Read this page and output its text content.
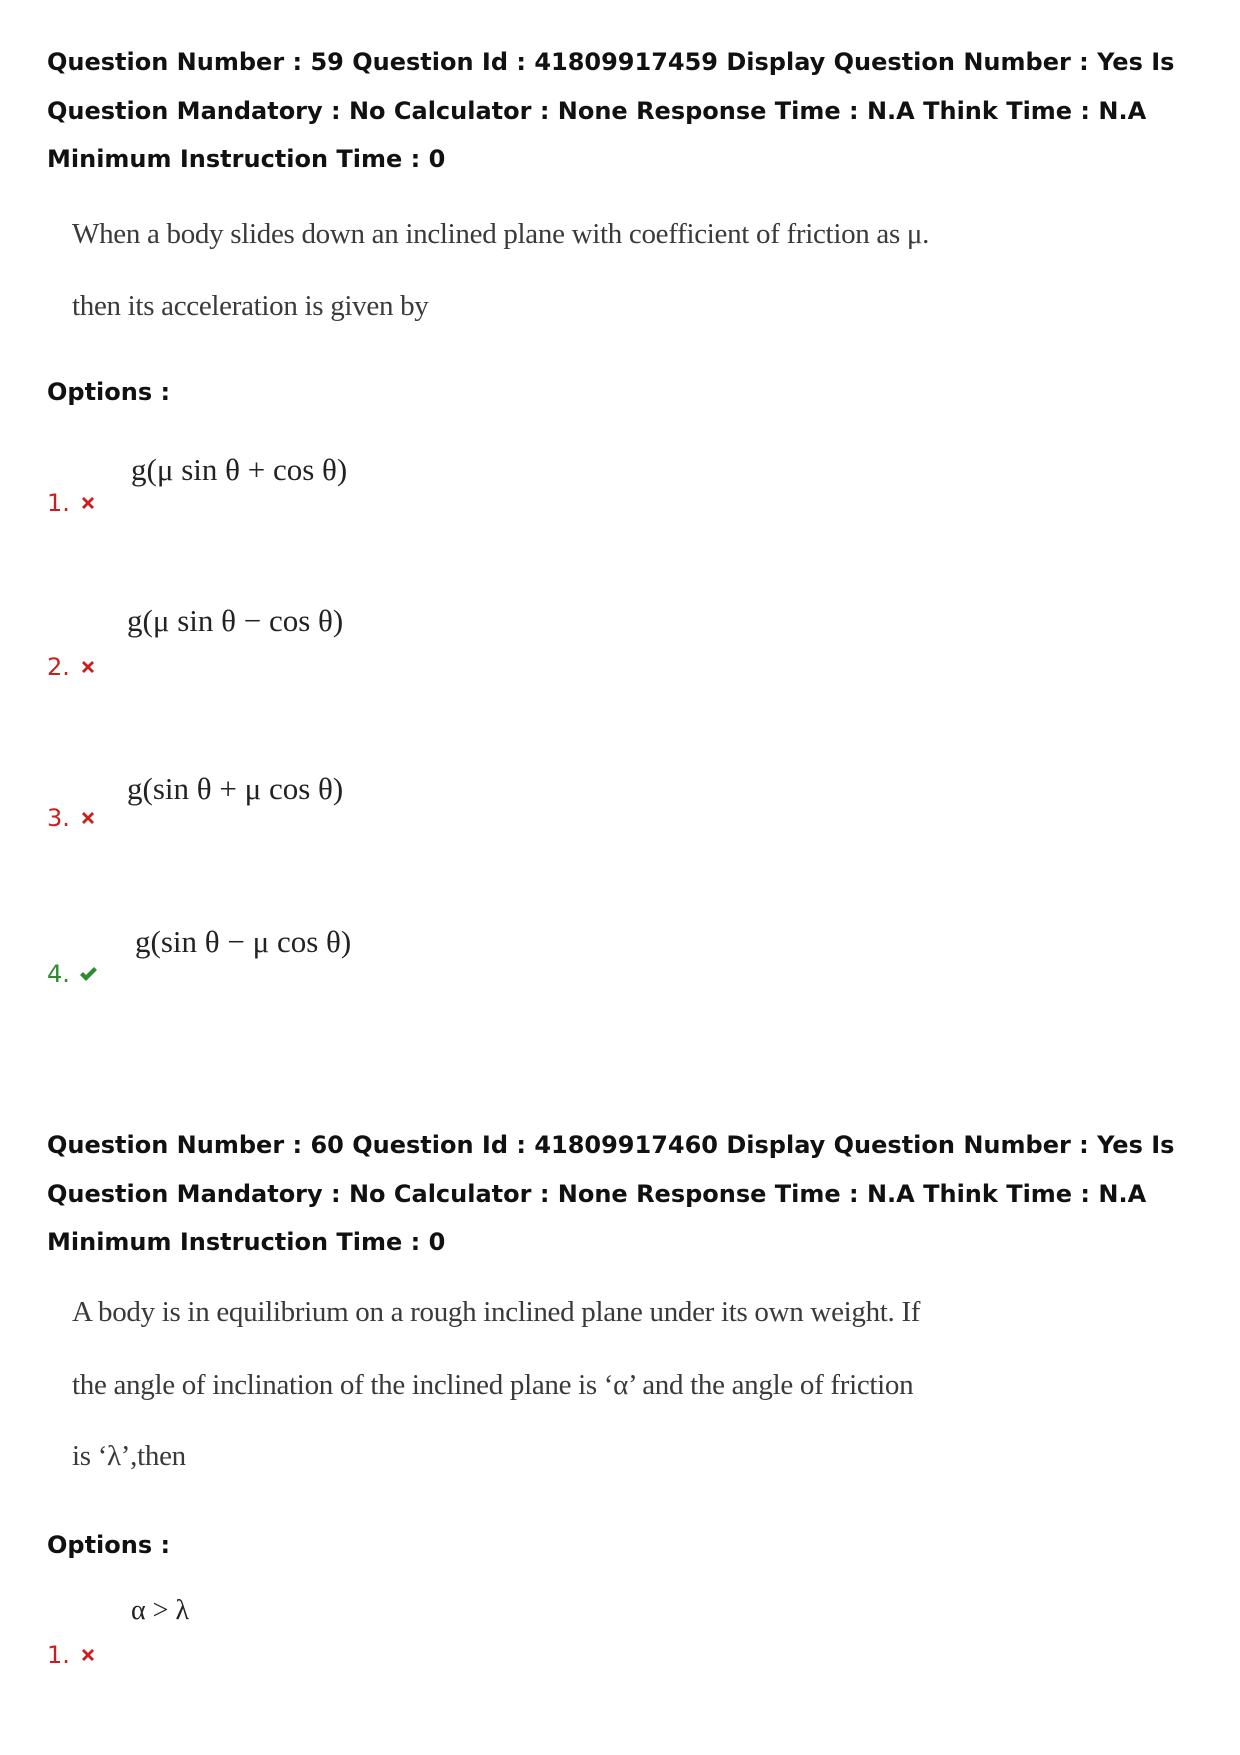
Question Number : 59 Question Id : 41809917459 Display Question Number : Yes Is Question Mandatory : No Calculator : None Response Time : N.A Think Time : N.A Minimum Instruction Time : 0
When a body slides down an inclined plane with coefficient of friction as μ.
then its acceleration is given by
Options :
g(μ sin θ + cos θ)
1.
g(μ sin θ − cos θ)
2.
g(sin θ + μ cos θ)
3.
g(sin θ − μ cos θ)
4.
Question Number : 60 Question Id : 41809917460 Display Question Number : Yes Is Question Mandatory : No Calculator : None Response Time : N.A Think Time : N.A Minimum Instruction Time : 0
A body is in equilibrium on a rough inclined plane under its own weight. If
the angle of inclination of the inclined plane is ‘α’ and the angle of friction
is ‘λ’,then
Options :
α > λ
1.
